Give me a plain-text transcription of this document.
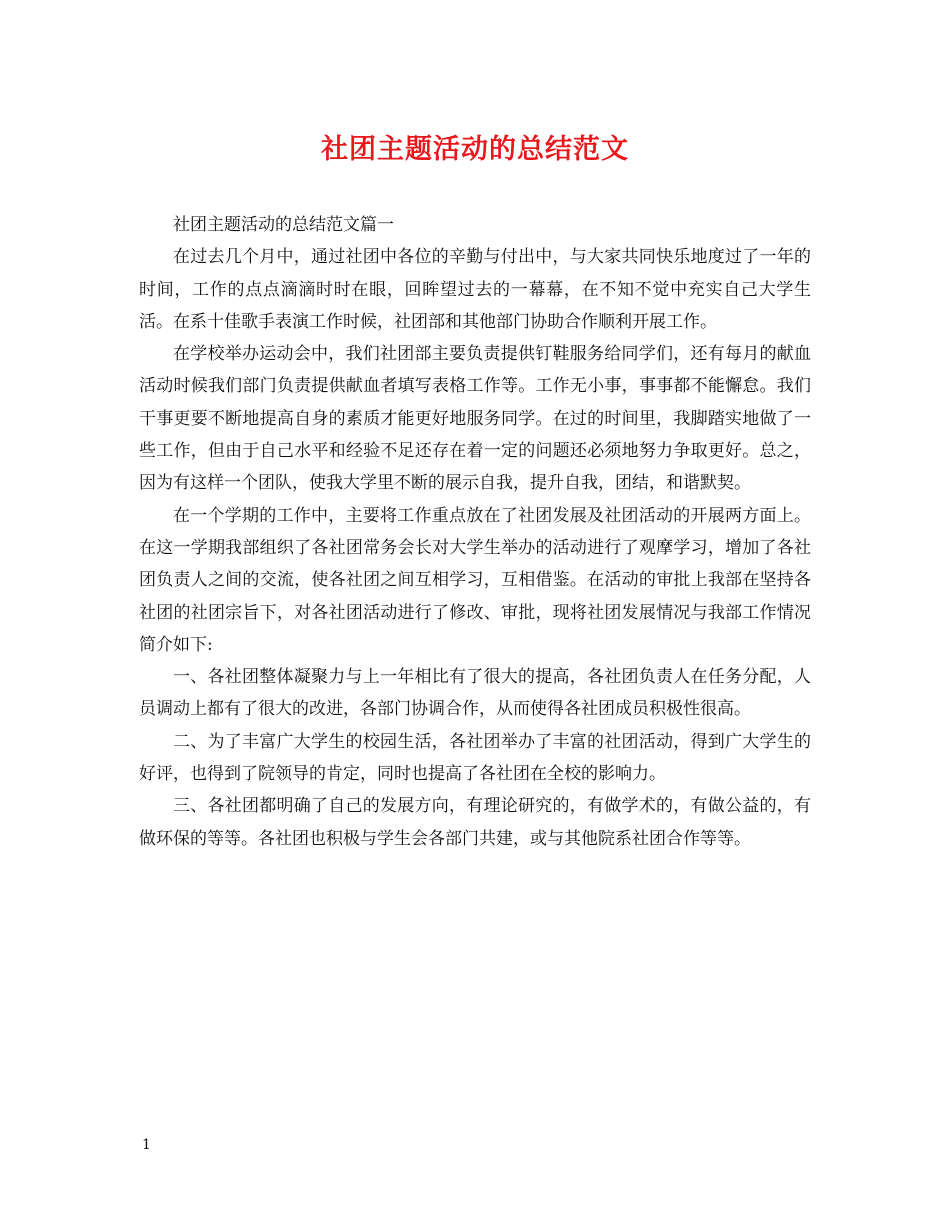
社团主题活动的总结范文

社团主题活动的总结范文篇一

在过去几个月中，通过社团中各位的辛勤与付出中，与大家共同快乐地度过了一年的时间，工作的点点滴滴时时在眼，回眸望过去的一幕幕，在不知不觉中充实自己大学生活。在系十佳歌手表演工作时候，社团部和其他部门协助合作顺利开展工作。

在学校举办运动会中，我们社团部主要负责提供钉鞋服务给同学们，还有每月的献血活动时候我们部门负责提供献血者填写表格工作等。工作无小事，事事都不能懈怠。我们干事更要不断地提高自身的素质才能更好地服务同学。在过的时间里，我脚踏实地做了一些工作，但由于自己水平和经验不足还存在着一定的问题还必须地努力争取更好。总之，因为有这样一个团队，使我大学里不断的展示自我，提升自我，团结，和谐默契。

在一个学期的工作中，主要将工作重点放在了社团发展及社团活动的开展两方面上。在这一学期我部组织了各社团常务会长对大学生举办的活动进行了观摩学习，增加了各社团负责人之间的交流，使各社团之间互相学习，互相借鉴。在活动的审批上我部在坚持各社团的社团宗旨下，对各社团活动进行了修改、审批，现将社团发展情况与我部工作情况简介如下:

一、各社团整体凝聚力与上一年相比有了很大的提高，各社团负责人在任务分配，人员调动上都有了很大的改进，各部门协调合作，从而使得各社团成员积极性很高。

二、为了丰富广大学生的校园生活，各社团举办了丰富的社团活动，得到广大学生的好评，也得到了院领导的肯定，同时也提高了各社团在全校的影响力。

三、各社团都明确了自己的发展方向，有理论研究的，有做学术的，有做公益的，有做环保的等等。各社团也积极与学生会各部门共建，或与其他院系社团合作等等。

1
